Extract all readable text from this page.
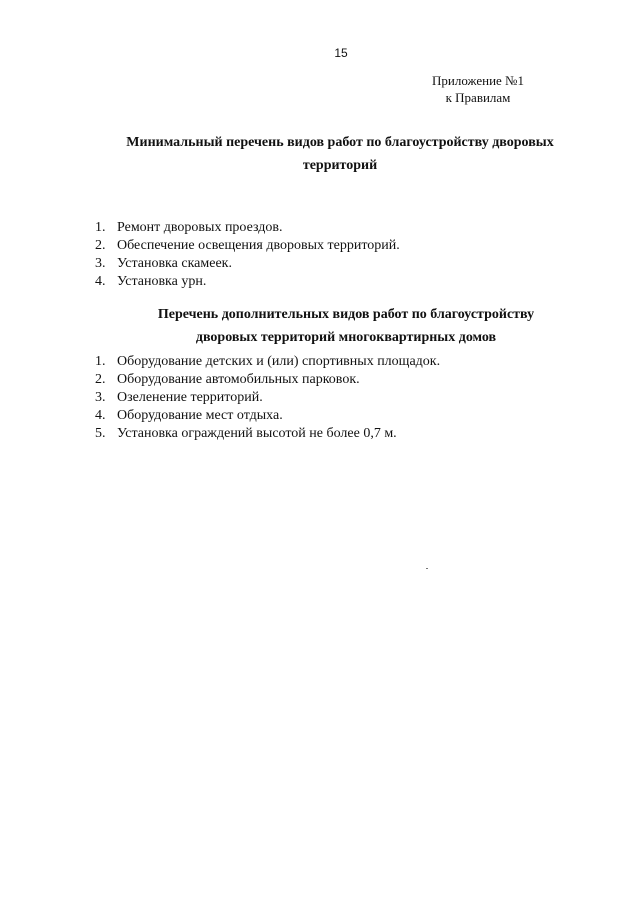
15
Приложение №1
к Правилам
Минимальный перечень видов работ по благоустройству дворовых
территорий
1. Ремонт дворовых проездов.
2. Обеспечение освещения дворовых территорий.
3. Установка скамеек.
4. Установка урн.
Перечень дополнительных видов работ по благоустройству
дворовых территорий многоквартирных домов
1. Оборудование детских и (или) спортивных площадок.
2. Оборудование автомобильных парковок.
3. Озеленение территорий.
4. Оборудование мест отдыха.
5. Установка ограждений высотой не более 0,7 м.
